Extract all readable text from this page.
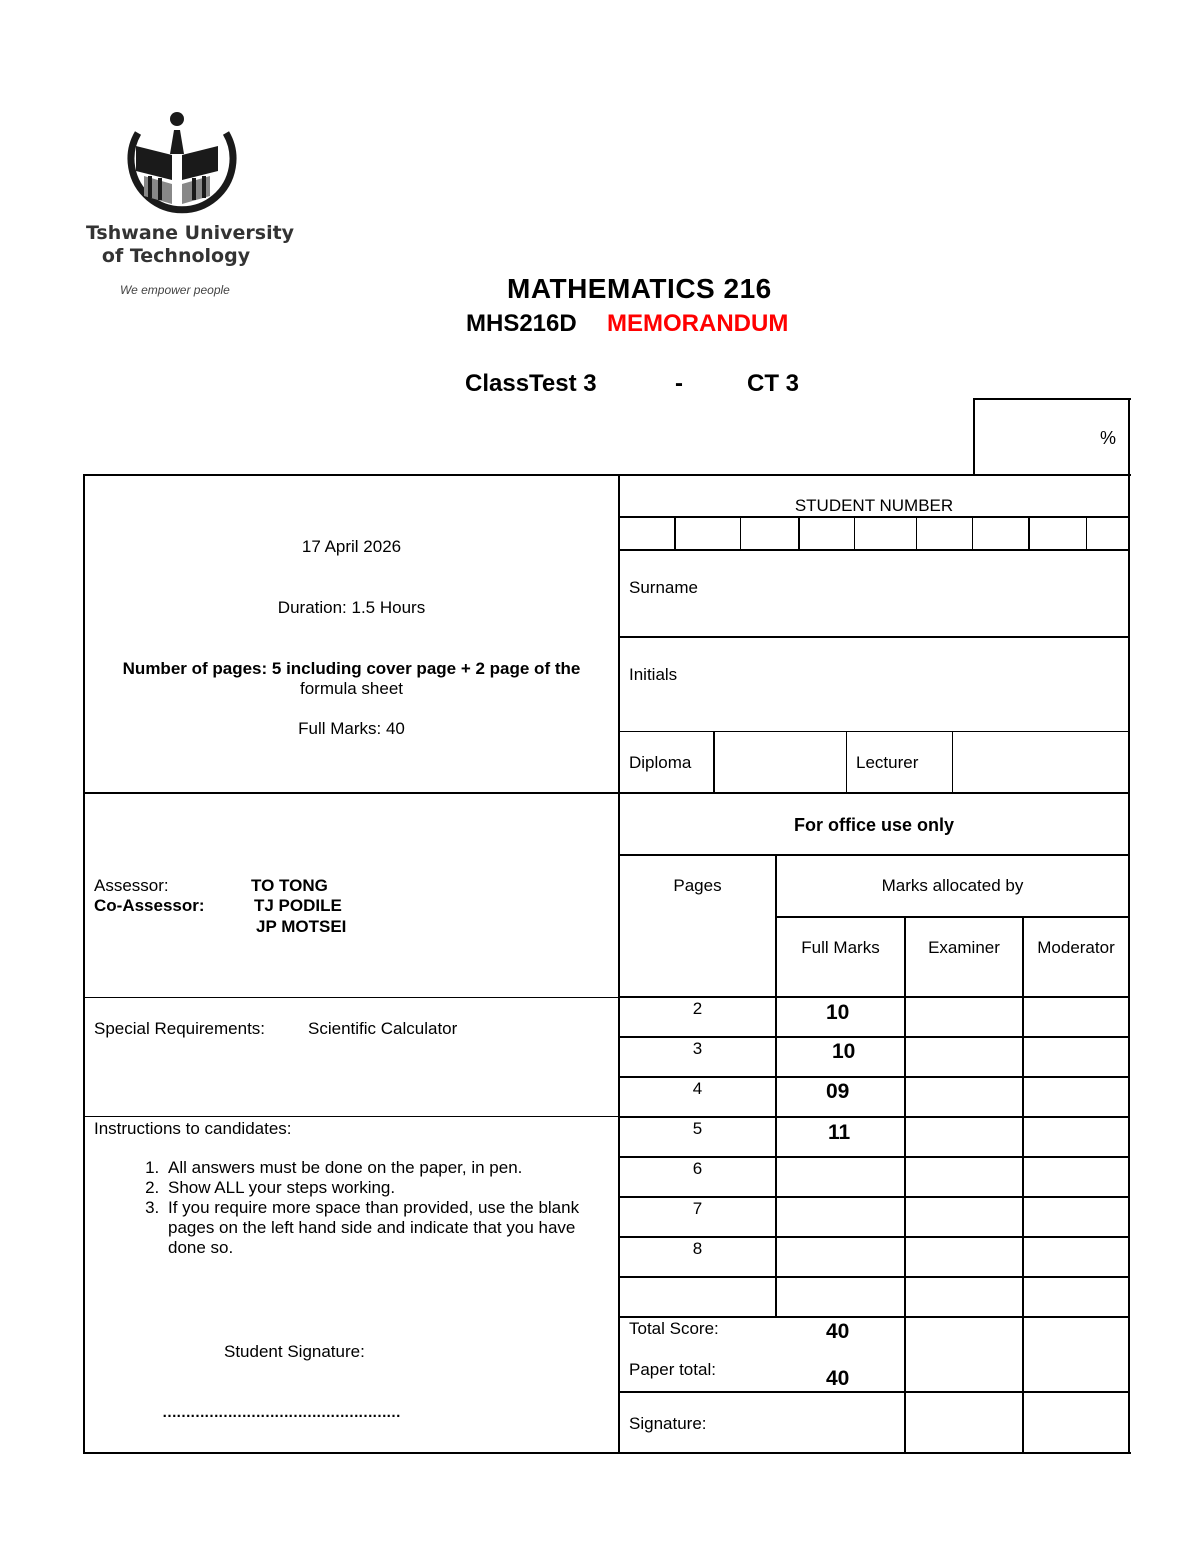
Tshwane University
of Technology
We empower people	MATHEMATICS 216
MHS216D MEMORANDUM
ClassTest 3	-	CT 3
%
17 April 2026
Duration: 1.5 Hours
Number of pages: 5 including cover page + 2 page of the
formula sheet
Full Marks: 40
Assessor:	TO TONG
Co-Assessor:	TJ PODILE
JP MOTSEI
Special Requirements:	Scientific Calculator
Instructions to candidates:
1. All answers must be done on the paper, in pen.
2. Show ALL your steps working.
3. If you require more space than provided, use the blank pages on the left hand side and indicate that you have done so.
Student Signature:
……………………………………………
STUDENT NUMBER
Surname
Initials
Diploma	Lecturer
For office use only
Pages	Marks allocated by
Full Marks	Examiner	Moderator
2	10
3	10
4	09
5	11
6
7
8
Total Score:	40
Paper total:	40
Signature:
